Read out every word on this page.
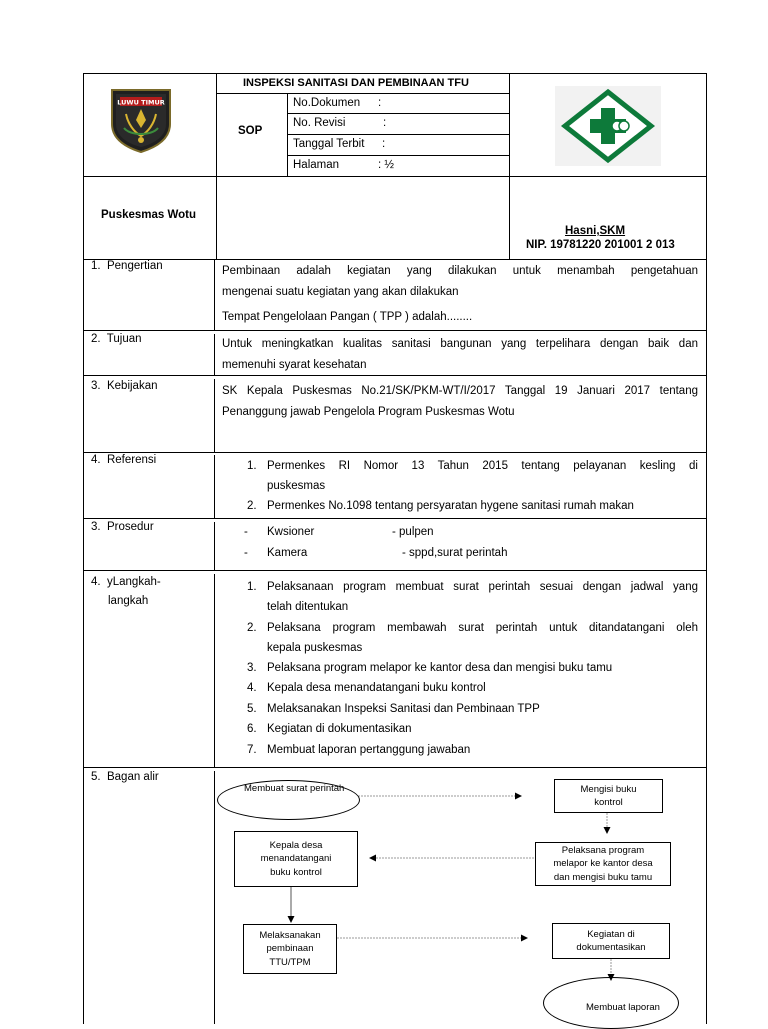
LUWU TIMUR
INSPEKSI SANITASI DAN PEMBINAAN TFU
SOP
No.Dokumen :
No. Revisi	:
Tanggal Terbit :
Halaman	: ½
Puskesmas Wotu
Hasni,SKM
NIP. 19781220 201001 2 013
1.  Pengertian	Pembinaan adalah kegiatan yang dilakukan untuk menambah pengetahuan
mengenai suatu kegiatan yang akan dilakukan
Tempat Pengelolaan Pangan ( TPP ) adalah........
2.  Tujuan	Untuk meningkatkan kualitas sanitasi bangunan yang terpelihara dengan baik dan
memenuhi syarat kesehatan
3.  Kebijakan	SK Kepala Puskesmas No.21/SK/PKM-WT/I/2017 Tanggal 19 Januari 2017 tentang
Penanggung jawab Pengelola Program Puskesmas Wotu
4.  Referensi	1. Permenkes RI Nomor 13 Tahun 2015 tentang pelayanan kesling di
puskesmas
2. Permenkes No.1098 tentang persyaratan hygene sanitasi rumah makan
3.  Prosedur	- Kwsioner	- pulpen
- Kamera	- sppd,surat perintah
4.  yLangkah-
langkah
1. Pelaksanaan program membuat surat perintah sesuai dengan jadwal yang
telah ditentukan
2. Pelaksana program membawah surat perintah untuk ditandatangani oleh
kepala puskesmas
3. Pelaksana program melapor ke kantor desa dan mengisi buku tamu
4. Kepala desa menandatangani buku kontrol
5. Melaksanakan Inspeksi Sanitasi dan Pembinaan TPP
6. Kegiatan di dokumentasikan
7. Membuat laporan pertanggung jawaban
5.  Bagan alir
Membuat surat perintah	Mengisi buku
kontrol
Pelaksana program
melapor ke kantor desa
dan mengisi buku tamu
Kepala desa
menandatangani
buku kontrol
Melaksanakan
pembinaan
TTU/TPM
Kegiatan di
dokumentasikan
Membuat laporan
